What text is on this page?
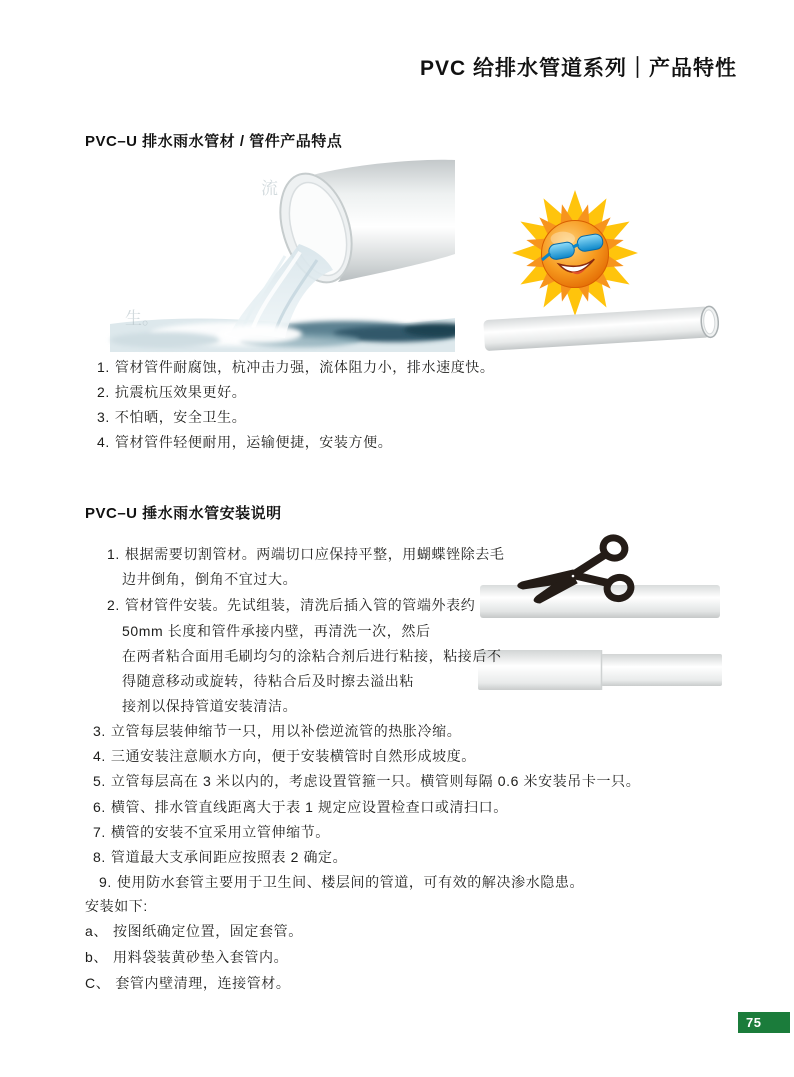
PVC 给排水管道系列｜产品特性
PVC–U 排水雨水管材 / 管件产品特点
流
生。
1. 管材管件耐腐蚀，杭冲击力强，流体阻力小，排水速度快。
2. 抗震杭压效果更好。
3. 不怕晒，安全卫生。
4. 管材管件轻便耐用，运输便捷，安装方便。
PVC–U 捶水雨水管安装说明
1. 根据需要切割管材。两端切口应保持平整，用蝴蝶锉除去毛
边井倒角，倒角不宜过大。
2. 管材管件安装。先试组装，清洗后插入管的管端外表约
50mm 长度和管件承接内壁，再清洗一次，然后
在两者粘合面用毛刷均匀的涂粘合剂后进行粘接，粘接后不
得随意移动或旋转，待粘合后及时擦去溢出粘
接剂以保持管道安装清洁。
3. 立管每层装伸缩节一只，用以补偿逆流管的热胀冷缩。
4. 三通安装注意顺水方向，便于安装横管时自然形成坡度。
5. 立管每层高在 3 米以内的，考虑设置管箍一只。横管则每隔 0.6 米安装吊卡一只。
6. 横管、排水管直线距离大于表 1 规定应设置检查口或清扫口。
7. 横管的安装不宜采用立管伸缩节。
8. 管道最大支承间距应按照表 2 确定。
9. 使用防水套管主要用于卫生间、楼层间的管道，可有效的解决渗水隐患。
安装如下:
a、 按图纸确定位置，固定套管。
b、 用料袋装黄砂垫入套管内。
C、 套管内壁清理，连接管材。
75
